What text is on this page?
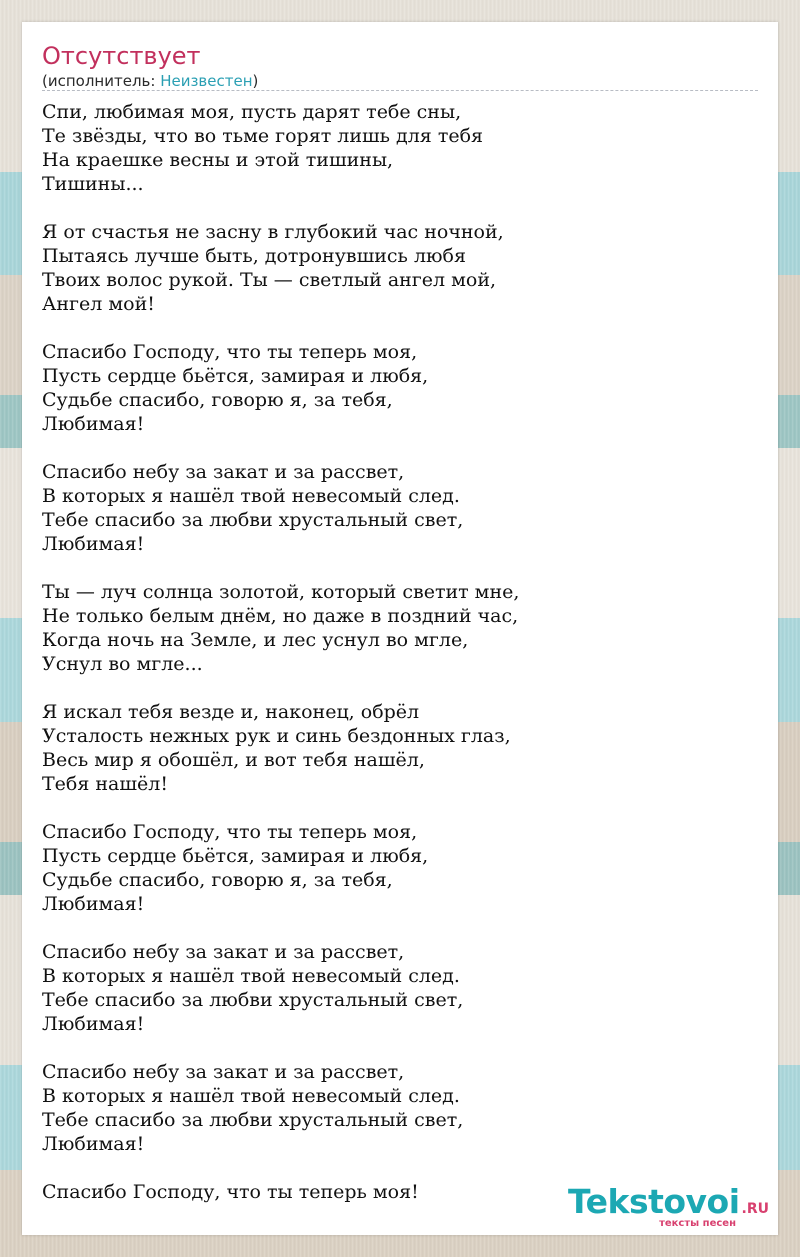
Отсутствует
(исполнитель: Неизвестен)
Спи, любимая моя, пусть дарят тебе сны,
Те звёзды, что во тьме горят лишь для тебя
На краешке весны и этой тишины,
Тишины...
Я от счастья не засну в глубокий час ночной,
Пытаясь лучше быть, дотронувшись любя
Твоих волос рукой. Ты — светлый ангел мой,
Ангел мой!
Спасибо Господу, что ты теперь моя,
Пусть сердце бьётся, замирая и любя,
Судьбе спасибо, говорю я, за тебя,
Любимая!
Спасибо небу за закат и за рассвет,
В которых я нашёл твой невесомый след.
Тебе спасибо за любви хрустальный свет,
Любимая!
Ты — луч солнца золотой, который светит мне,
Не только белым днём, но даже в поздний час,
Когда ночь на Земле, и лес уснул во мгле,
Уснул во мгле...
Я искал тебя везде и, наконец, обрёл
Усталость нежных рук и синь бездонных глаз,
Весь мир я обошёл, и вот тебя нашёл,
Тебя нашёл!
Спасибо Господу, что ты теперь моя,
Пусть сердце бьётся, замирая и любя,
Судьбе спасибо, говорю я, за тебя,
Любимая!
Спасибо небу за закат и за рассвет,
В которых я нашёл твой невесомый след.
Тебе спасибо за любви хрустальный свет,
Любимая!
Спасибо небу за закат и за рассвет,
В которых я нашёл твой невесомый след.
Тебе спасибо за любви хрустальный свет,
Любимая!
Спасибо Господу, что ты теперь моя!	Tekstovoi .RU
тексты песен
